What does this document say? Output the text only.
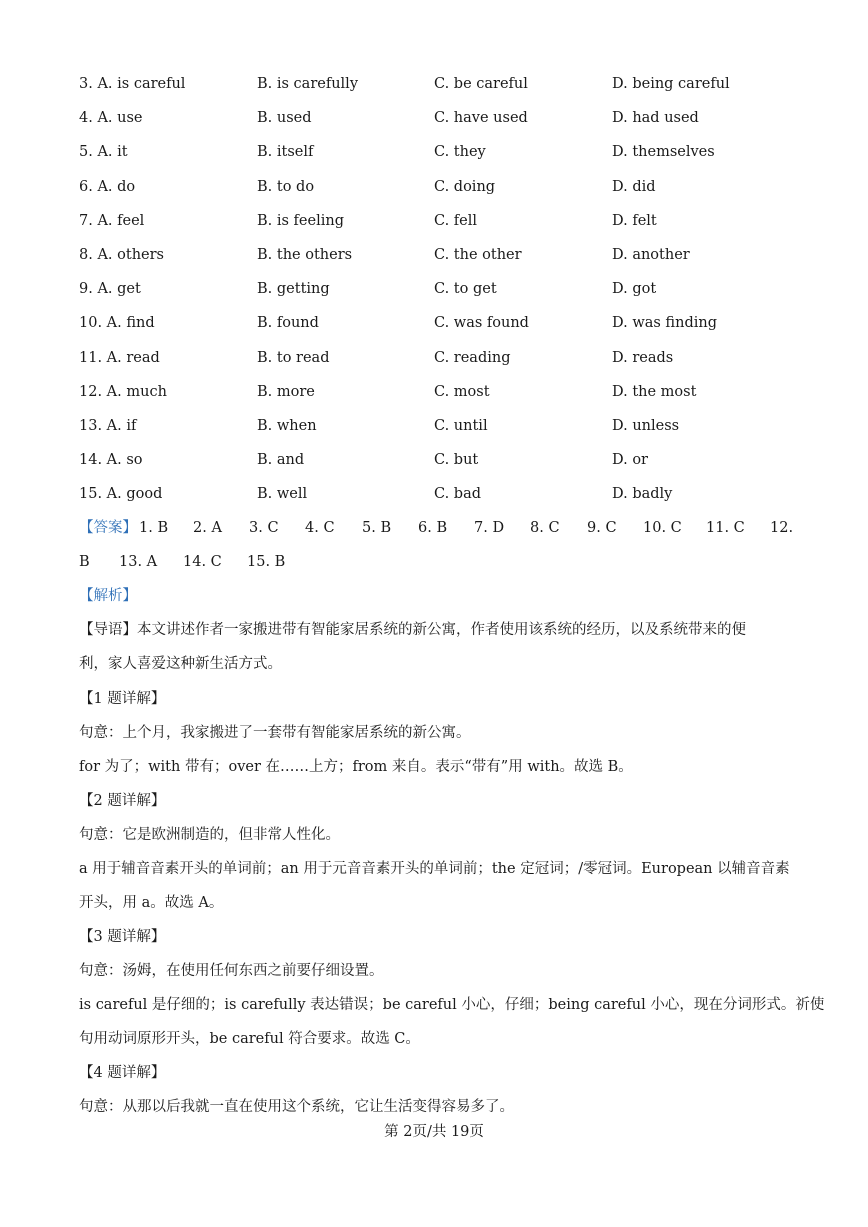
3. A. is careful	B. is carefully	C. be careful	D. being careful
4. A. use	B. used	C. have used	D. had used
5. A. it	B. itself	C. they	D. themselves
6. A. do	B. to do	C. doing	D. did
7. A. feel	B. is feeling	C. fell	D. felt
8. A. others	B. the others	C. the other	D. another
9. A. get	B. getting	C. to get	D. got
10. A. find	B. found	C. was found	D. was finding
11. A. read	B. to read	C. reading	D. reads
12. A. much	B. more	C. most	D. the most
13. A. if	B. when	C. until	D. unless
14. A. so	B. and	C. but	D. or
15. A. good	B. well	C. bad	D. badly
【答案】 1. B 2. A 3. C 4. C 5. B 6. B 7. D 8. C 9. C 10. C 11. C 12.
B 13. A 14. C 15. B
【解析】
【导语】本文讲述作者一家搬进带有智能家居系统的新公寓，作者使用该系统的经历，以及系统带来的便
利，家人喜爱这种新生活方式。
【1 题详解】
句意：上个月，我家搬进了一套带有智能家居系统的新公寓。
for 为了；with 带有；over 在……上方；from 来自。表示“带有”用 with。故选 B。
【2 题详解】
句意：它是欧洲制造的，但非常人性化。
a 用于辅音音素开头的单词前；an 用于元音音素开头的单词前；the 定冠词；/零冠词。European 以辅音音素
开头，用 a。故选 A。
【3 题详解】
句意：汤姆，在使用任何东西之前要仔细设置。
is careful 是仔细的；is carefully 表达错误；be careful 小心，仔细；being careful 小心，现在分词形式。祈使
句用动词原形开头，be careful 符合要求。故选 C。
【4 题详解】
句意：从那以后我就一直在使用这个系统，它让生活变得容易多了。
第 2页/共 19页
